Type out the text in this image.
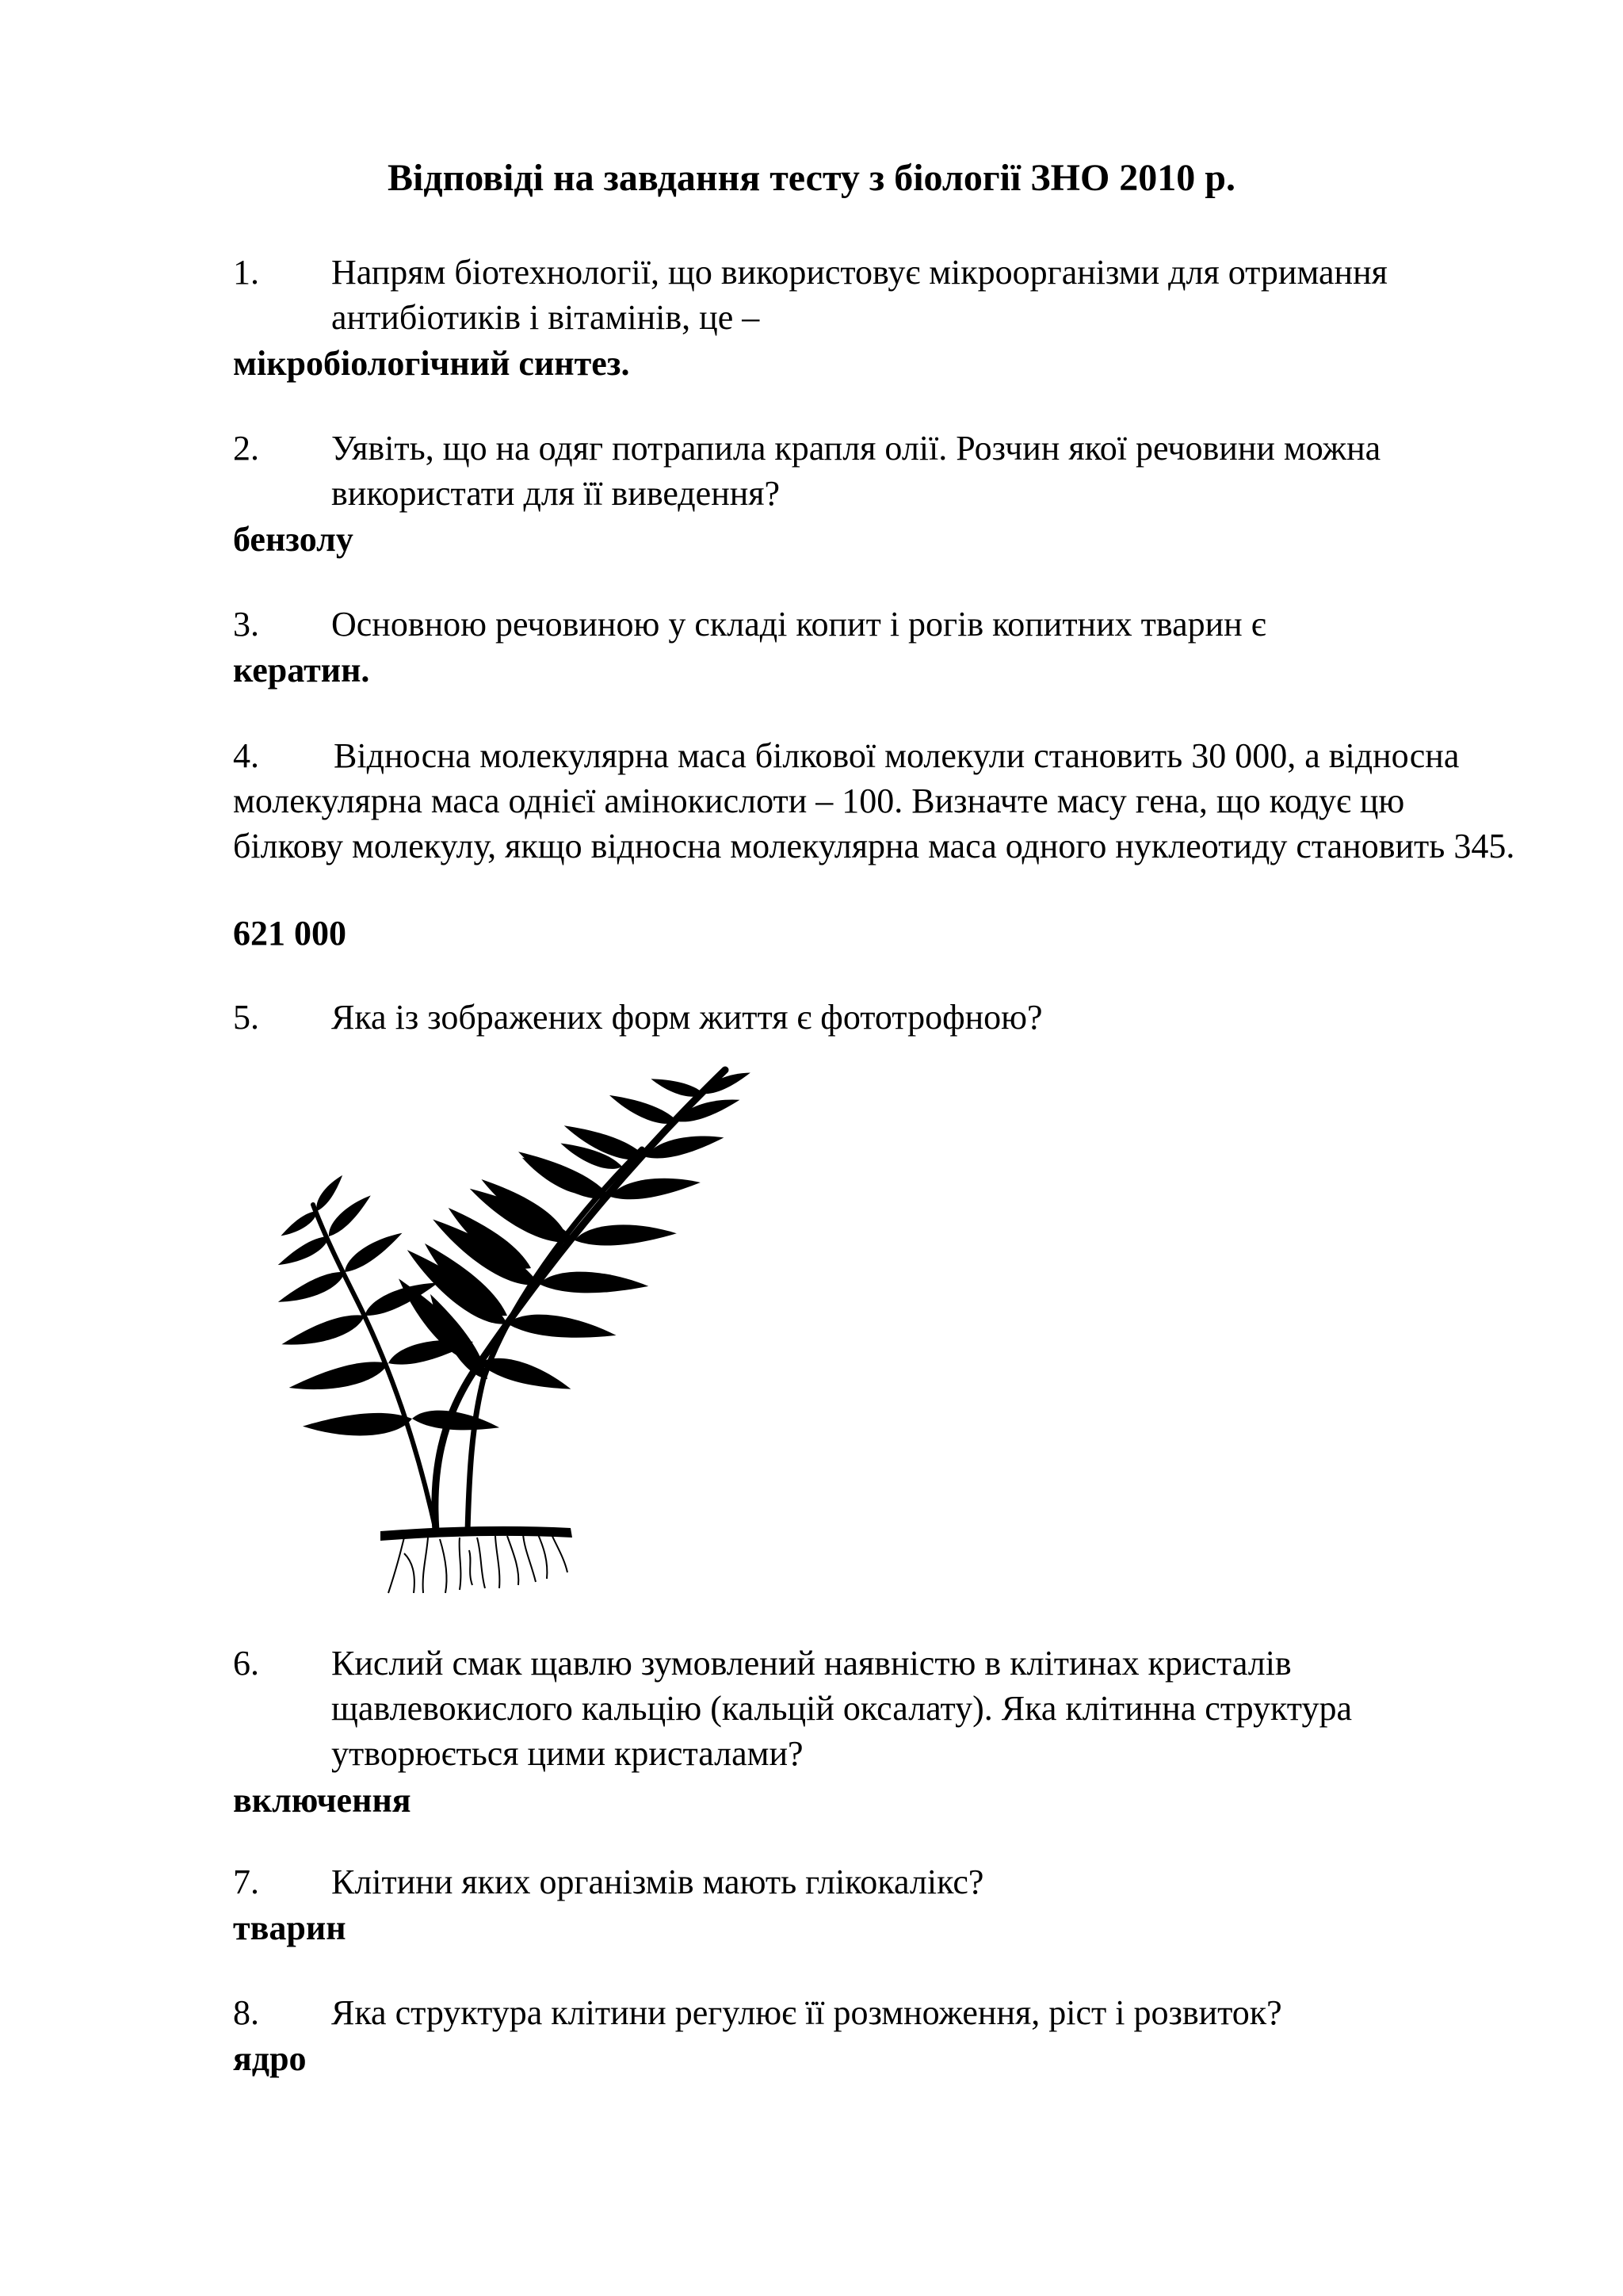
Відповіді на завдання тесту з біології ЗНО 2010 р.
1.	Напрям біотехнології, що використовує мікроорганізми для отримання антибіотиків і вітамінів, це –
мікробіологічний синтез.
2.	Уявіть, що на одяг потрапила крапля олії. Розчин якої речовини можна використати для її виведення?
бензолу
3.	Основною речовиною у складі копит і рогів копитних тварин є
кератин.
4. Відносна молекулярна маса білкової молекули становить 30 000, а відносна молекулярна маса однієї амінокислоти – 100. Визначте масу гена, що кодує цю білкову молекулу, якщо відносна молекулярна маса одного нуклеотиду становить 345.
621 000
5.	Яка із зображених форм життя є фототрофною?
6.	Кислий смак щавлю зумовлений наявністю в клітинах кристалів щавлевокислого кальцію (кальцій оксалату). Яка клітинна структура утворюється цими кристалами?
включення
7.	Клітини яких організмів мають глікокалікс?
тварин
8.	Яка структура клітини регулює її розмноження, ріст і розвиток?
ядро
